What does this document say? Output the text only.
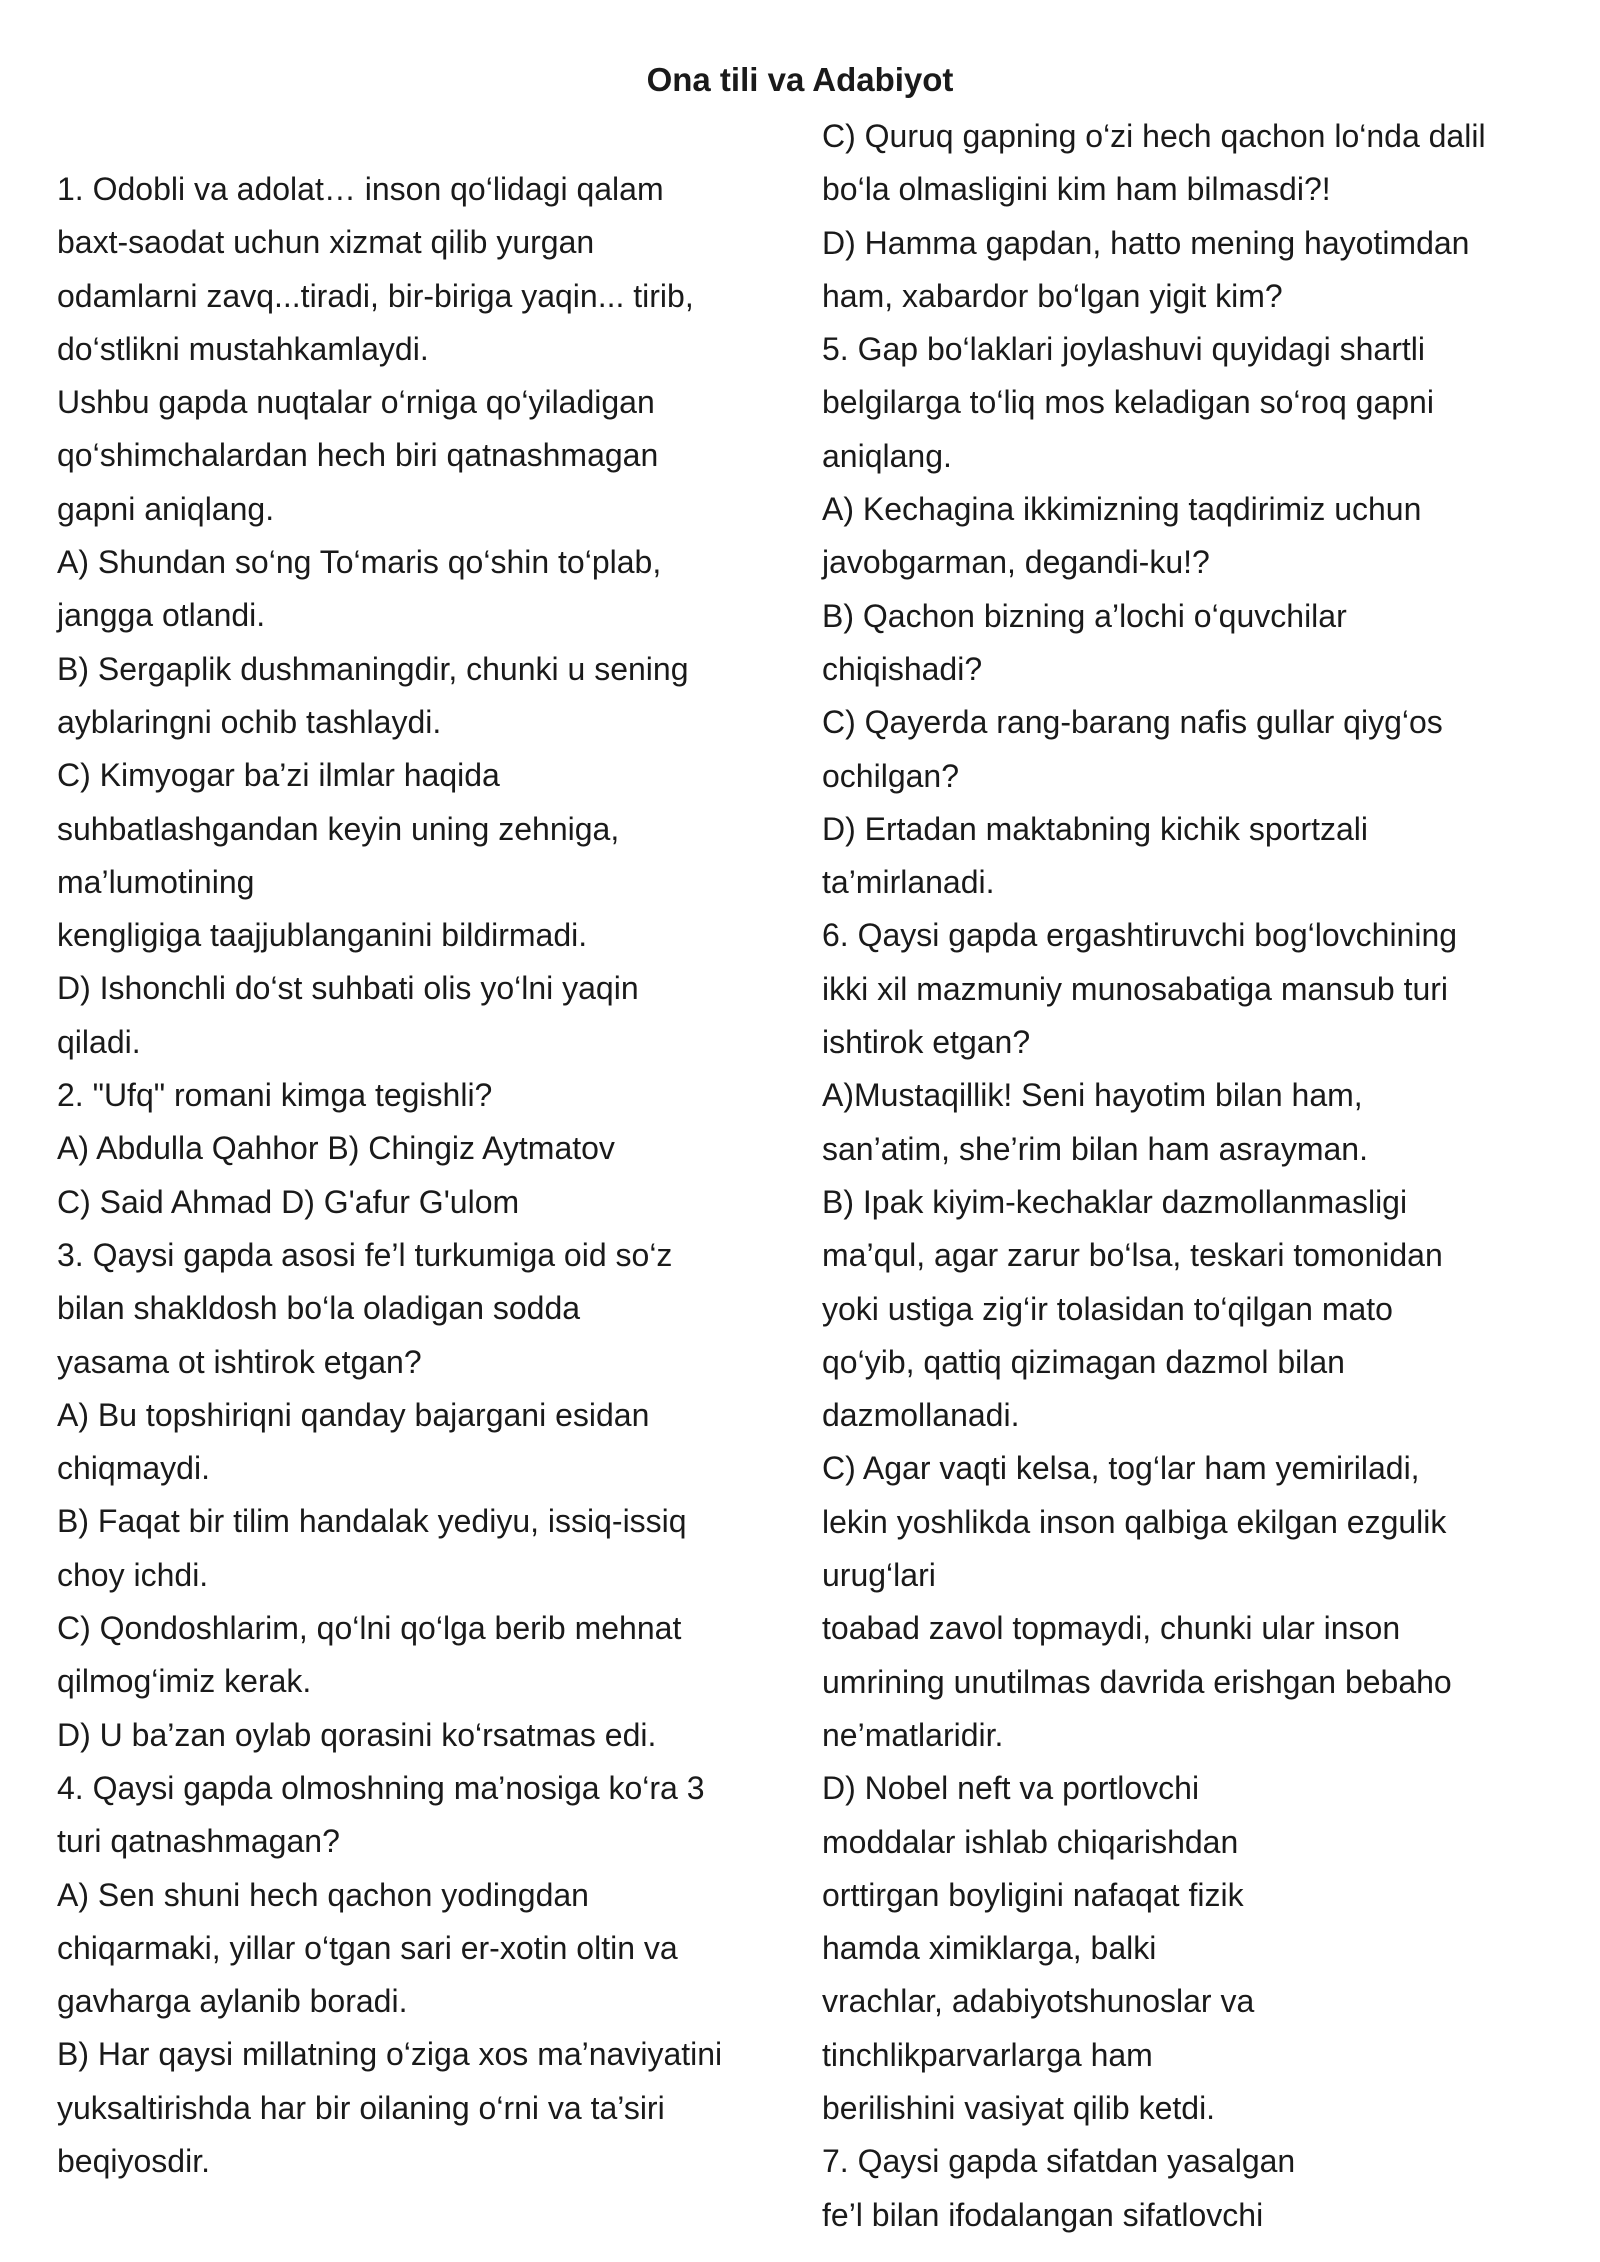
Ona tili va Adabiyot
1. Odobli va adolat… inson qo‘lidagi qalam
baxt-saodat uchun xizmat qilib yurgan
odamlarni zavq...tiradi, bir-biriga yaqin... tirib,
do‘stlikni mustahkamlaydi.
Ushbu gapda nuqtalar o‘rniga qo‘yiladigan
qo‘shimchalardan hech biri qatnashmagan
gapni aniqlang.
A) Shundan so‘ng To‘maris qo‘shin to‘plab,
jangga otlandi.
B) Sergaplik dushmaningdir, chunki u sening
ayblaringni ochib tashlaydi.
C) Kimyogar ba’zi ilmlar haqida
suhbatlashgandan keyin uning zehniga,
ma’lumotining
kengligiga taajjublanganini bildirmadi.
D) Ishonchli do‘st suhbati olis yo‘lni yaqin
qiladi.
2. "Ufq" romani kimga tegishli?
A) Abdulla Qahhor B) Chingiz Aytmatov
C) Said Ahmad D) G'afur G'ulom
3. Qaysi gapda asosi fe’l turkumiga oid so‘z
bilan shakldosh bo‘la oladigan sodda
yasama ot ishtirok etgan?
A) Bu topshiriqni qanday bajargani esidan
chiqmaydi.
B) Faqat bir tilim handalak yediyu, issiq-issiq
choy ichdi.
C) Qondoshlarim, qo‘lni qo‘lga berib mehnat
qilmog‘imiz kerak.
D) U ba’zan oylab qorasini ko‘rsatmas edi.
4. Qaysi gapda olmoshning ma’nosiga ko‘ra 3
turi qatnashmagan?
A) Sen shuni hech qachon yodingdan
chiqarmaki, yillar o‘tgan sari er-xotin oltin va
gavharga aylanib boradi.
B) Har qaysi millatning o‘ziga xos ma’naviyatini
yuksaltirishda har bir oilaning o‘rni va ta’siri
beqiyosdir.
C) Quruq gapning o‘zi hech qachon lo‘nda dalil
bo‘la olmasligini kim ham bilmasdi?!
D) Hamma gapdan, hatto mening hayotimdan
ham, xabardor bo‘lgan yigit kim?
5. Gap bo‘laklari joylashuvi quyidagi shartli
belgilarga to‘liq mos keladigan so‘roq gapni
aniqlang.
A) Kechagina ikkimizning taqdirimiz uchun
javobgarman, degandi-ku!?
B) Qachon bizning a’lochi o‘quvchilar
chiqishadi?
C) Qayerda rang-barang nafis gullar qiyg‘os
ochilgan?
D) Ertadan maktabning kichik sportzali
ta’mirlanadi.
6. Qaysi gapda ergashtiruvchi bog‘lovchining
ikki xil mazmuniy munosabatiga mansub turi
ishtirok etgan?
A)Mustaqillik! Seni hayotim bilan ham,
san’atim, she’rim bilan ham asrayman.
B) Ipak kiyim-kechaklar dazmollanmasligi
ma’qul, agar zarur bo‘lsa, teskari tomonidan
yoki ustiga zig‘ir tolasidan to‘qilgan mato
qo‘yib, qattiq qizimagan dazmol bilan
dazmollanadi.
C) Agar vaqti kelsa, tog‘lar ham yemiriladi,
lekin yoshlikda inson qalbiga ekilgan ezgulik
urug‘lari
toabad zavol topmaydi, chunki ular inson
umrining unutilmas davrida erishgan bebaho
ne’matlaridir.
D) Nobel neft va portlovchi
moddalar ishlab chiqarishdan
orttirgan boyligini nafaqat fizik
hamda ximiklarga, balki
vrachlar, adabiyotshunoslar va
tinchlikparvarlarga ham
berilishini vasiyat qilib ketdi.
7. Qaysi gapda sifatdan yasalgan
fe’l bilan ifodalangan sifatlovchi
